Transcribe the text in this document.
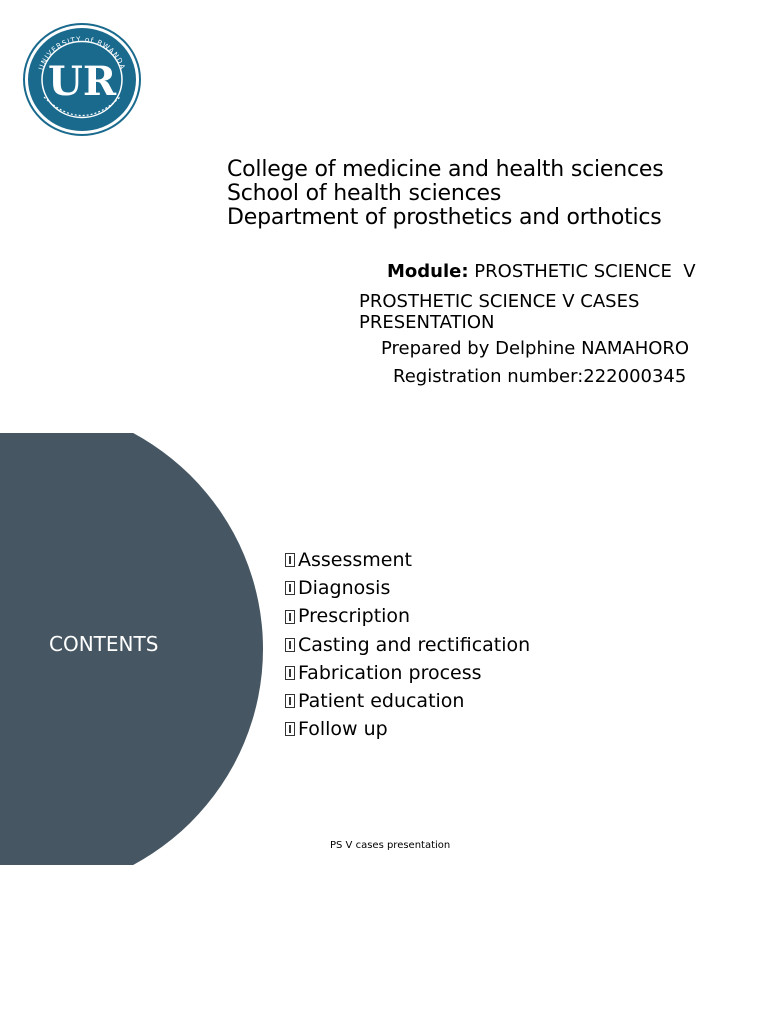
UNIVERSITY of RWANDA
UR
College of medicine and health sciences
School of health sciences
Department of prosthetics and orthotics
Module: PROSTHETIC SCIENCE  V
PROSTHETIC SCIENCE V CASES
PRESENTATION
Prepared by Delphine NAMAHORO
Registration number:222000345
CONTENTS
Assessment
Diagnosis
Prescription
Casting and rectification
Fabrication process
Patient education
Follow up
PS V cases presentation
